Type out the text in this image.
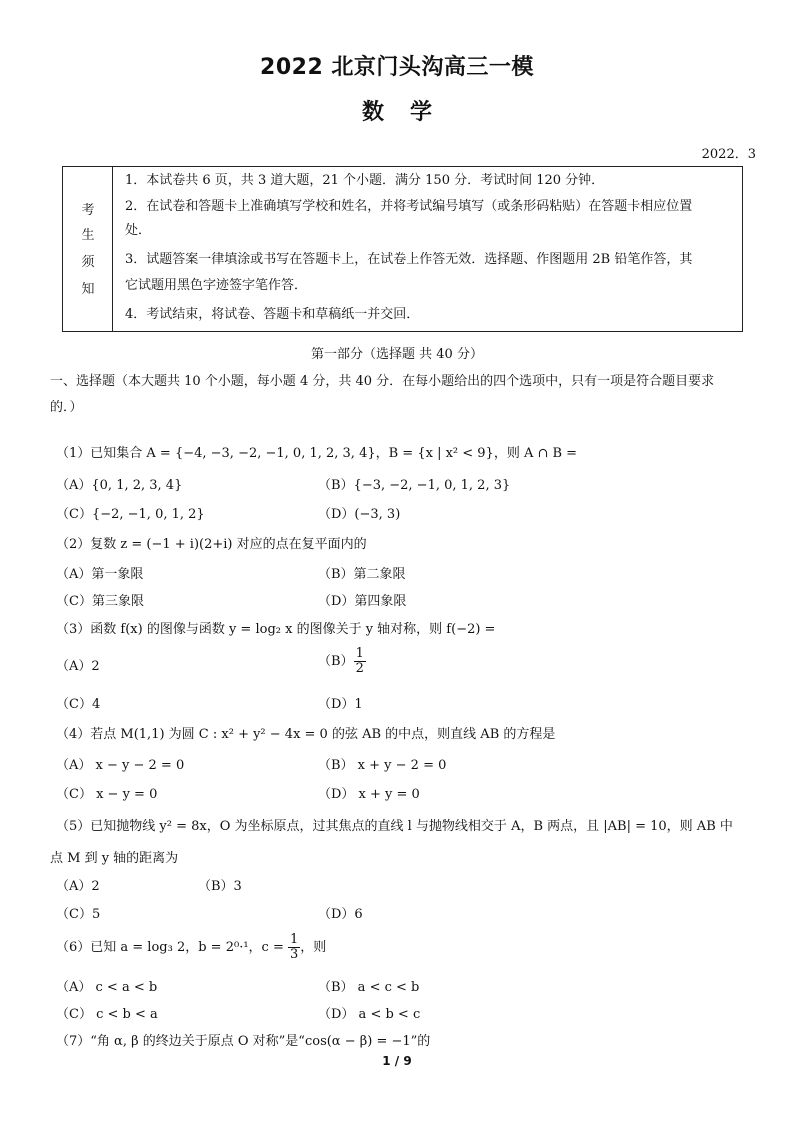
2022 北京门头沟高三一模
数学
2022．3
考
生
须
知
1．本试卷共 6 页，共 3 道大题，21 个小题．满分 150 分．考试时间 120 分钟．
2．在试卷和答题卡上准确填写学校和姓名，并将考试编号填写（或条形码粘贴）在答题卡相应位置
处．
3．试题答案一律填涂或书写在答题卡上，在试卷上作答无效．选择题、作图题用 2B 铅笔作答，其
它试题用黑色字迹签字笔作答．
4．考试结束，将试卷、答题卡和草稿纸一并交回．
第一部分（选择题 共 40 分）
一、选择题（本大题共 10 个小题，每小题 4 分，共 40 分．在每小题给出的四个选项中，只有一项是符合题目要求
的．）
（1）已知集合 A = {−4, −3, −2, −1, 0, 1, 2, 3, 4}，B = {x | x² < 9}，则 A ∩ B =
（A）{0, 1, 2, 3, 4}	（B）{−3, −2, −1, 0, 1, 2, 3}
（C）{−2, −1, 0, 1, 2}	（D）(−3, 3)
（2）复数 z = (−1 + i)(2+i) 对应的点在复平面内的
（A）第一象限	（B）第二象限
（C）第三象限	（D）第四象限
（3）函数 f(x) 的图像与函数 y = log₂ x 的图像关于 y 轴对称，则 f(−2) =
（A）2	$(B) \frac{1}{2}$
（C）4	（D）1
（4）若点 M(1,1) 为圆 C : x² + y² − 4x = 0 的弦 AB 的中点，则直线 AB 的方程是
（A） x − y − 2 = 0	（B） x + y − 2 = 0
（C） x − y = 0	（D） x + y = 0
（5）已知抛物线 y² = 8x，O 为坐标原点，过其焦点的直线 l 与抛物线相交于 A，B 两点，且 |AB| = 10，则 AB 中
点 M 到 y 轴的距离为
（A）2	（B）3
（C）5	（D）6
（6）已知 a = log₃ 2，b = 2⁰·¹，$c = \frac{1}{3}$ ，则
（A） c < a < b	（B） a < c < b
（C） c < b < a	（D） a < b < c
（7）“角 α, β 的终边关于原点 O 对称”是“cos(α − β) = −1”的
1 / 9
